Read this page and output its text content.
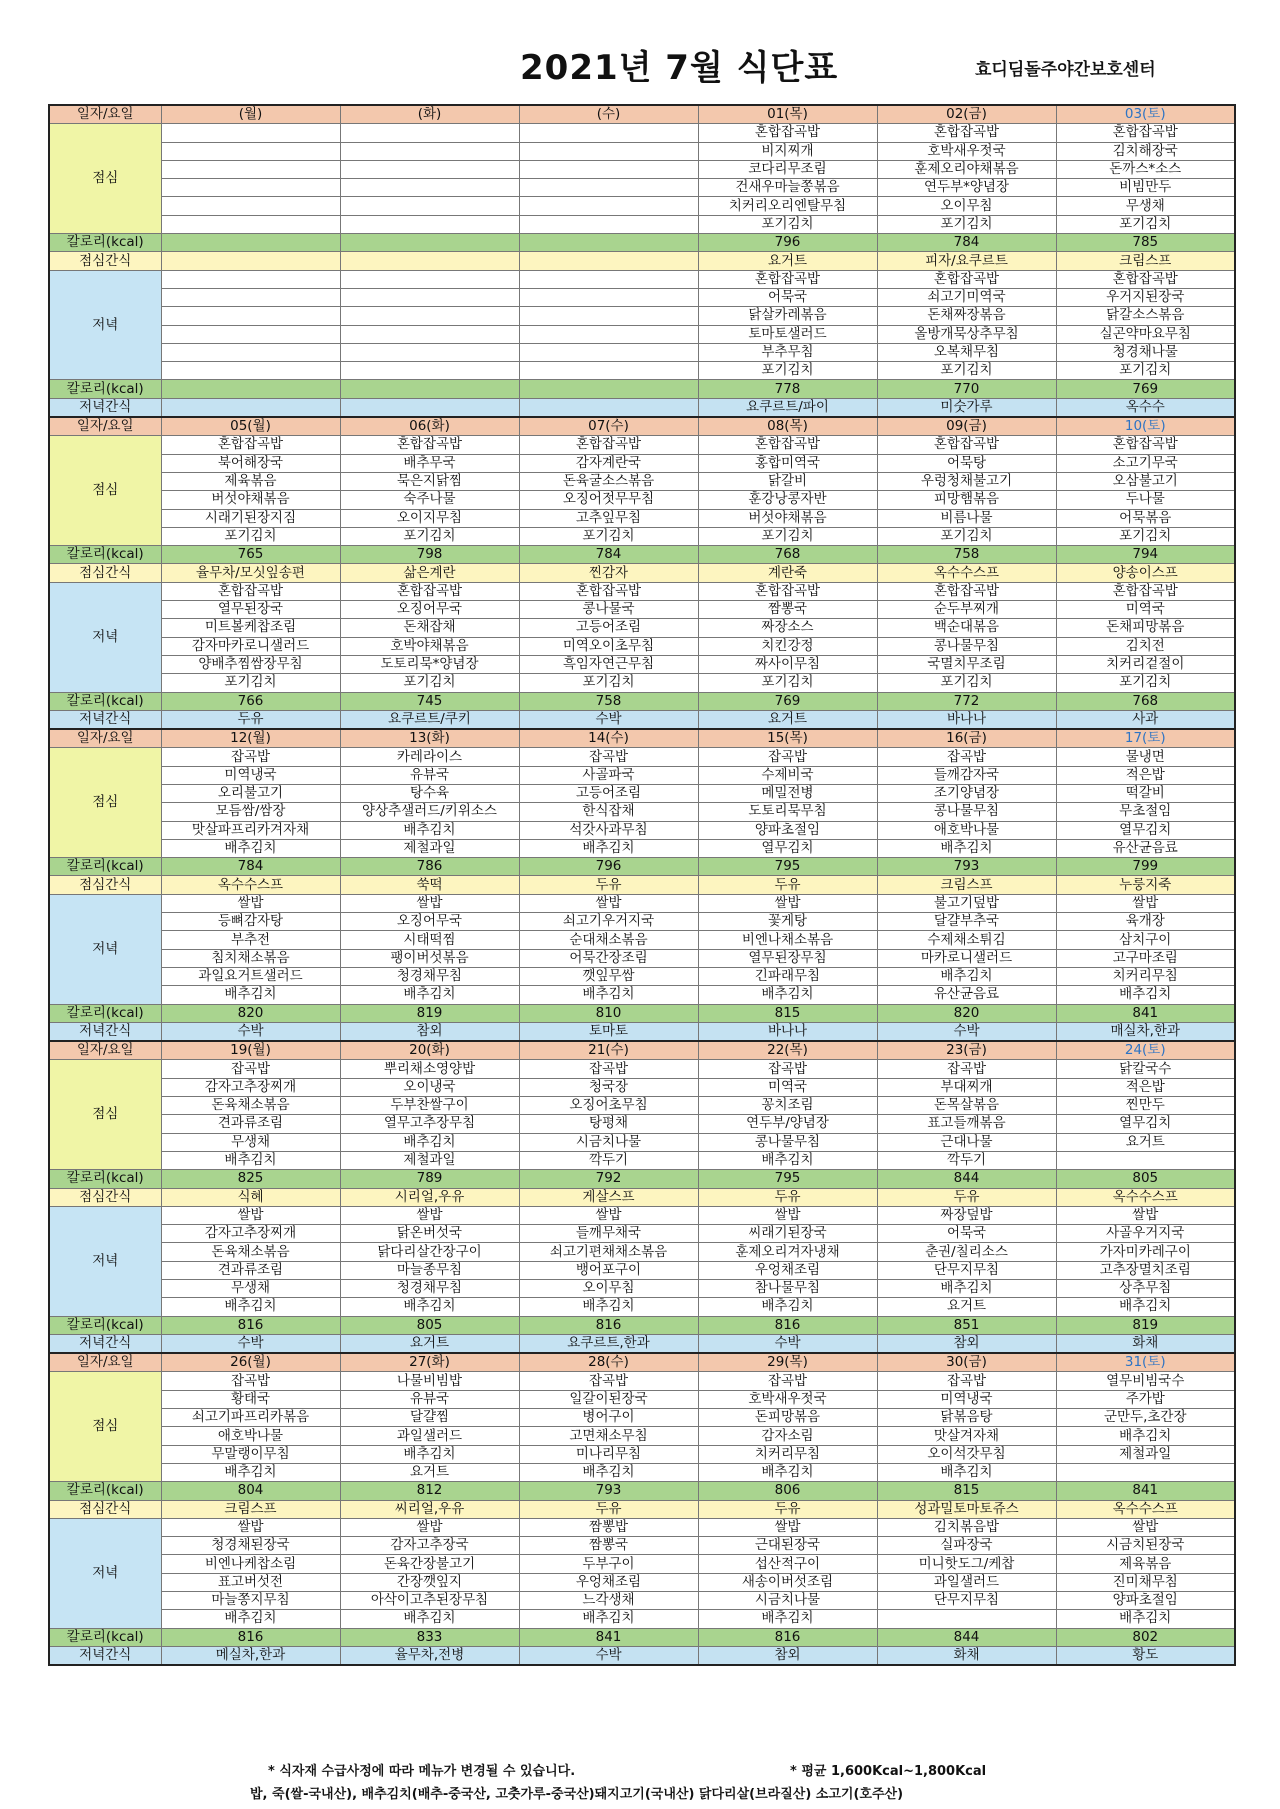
2021년 7월 식단표	효디딤돌주야간보호센터
일자/요일	(월)	(화)	(수)	01(목)	02(금)	03(토)
점심				혼합잡곡밥	혼합잡곡밥	혼합잡곡밥
				비지찌개	호박새우젓국	김치해장국
				코다리무조림	훈제오리야채볶음	돈까스*소스
				건새우마늘쫑볶음	연두부*양념장	비빔만두
				치커리오리엔탈무침	오이무침	무생채
				포기김치	포기김치	포기김치
칼로리(kcal)				796	784	785
점심간식				요거트	피자/요쿠르트	크림스프
저녁				혼합잡곡밥	혼합잡곡밥	혼합잡곡밥
				어묵국	쇠고기미역국	우거지된장국
				닭살카레볶음	돈채짜장볶음	닭갈소스볶음
				토마토샐러드	올방개묵상추무침	실곤약마요무침
				부추무침	오복채무침	청경채나물
				포기김치	포기김치	포기김치
칼로리(kcal)				778	770	769
저녁간식				요쿠르트/파이	미숫가루	옥수수
일자/요일	05(월)	06(화)	07(수)	08(목)	09(금)	10(토)
점심	혼합잡곡밥	혼합잡곡밥	혼합잡곡밥	혼합잡곡밥	혼합잡곡밥	혼합잡곡밥
	북어해장국	배추무국	감자계란국	홍합미역국	어묵탕	소고기무국
	제육볶음	묵은지닭찜	돈육굴소스볶음	닭갈비	우렁청채불고기	오삼불고기
	버섯야채볶음	숙주나물	오징어젓무무침	훈강낭콩자반	피망햄볶음	두나물
	시래기된장지짐	오이지무침	고추잎무침	버섯야채볶음	비름나물	어묵볶음
	포기김치	포기김치	포기김치	포기김치	포기김치	포기김치
칼로리(kcal)	765	798	784	768	758	794
점심간식	율무차/모싯잎송편	삶은계란	찐감자	계란죽	옥수수스프	양송이스프
저녁	혼합잡곡밥	혼합잡곡밥	혼합잡곡밥	혼합잡곡밥	혼합잡곡밥	혼합잡곡밥
	열무된장국	오징어무국	콩나물국	짬뽕국	순두부찌개	미역국
	미트볼케찹조림	돈채잡채	고등어조림	짜장소스	백순대볶음	돈채피망볶음
	감자마카로니샐러드	호박야채볶음	미역오이초무침	치킨강정	콩나물무침	김치전
	양배추찜쌈장무침	도토리묵*양념장	흑임자연근무침	짜사이무침	국멸치무조림	치커리겉절이
	포기김치	포기김치	포기김치	포기김치	포기김치	포기김치
칼로리(kcal)	766	745	758	769	772	768
저녁간식	두유	요쿠르트/쿠키	수박	요거트	바나나	사과
일자/요일	12(월)	13(화)	14(수)	15(목)	16(금)	17(토)
점심	잡곡밥	카레라이스	잡곡밥	잡곡밥	잡곡밥	물냉면
	미역냉국	유뷰국	사골파국	수제비국	들깨감자국	적은밥
	오리불고기	탕수육	고등어조림	메밀전병	조기양념장	떡갈비
	모듬쌈/쌈장	양상추샐러드/키위소스	한식잡채	도토리묵무침	콩나물무침	무초절임
	맛살파프리카겨자채	배추김치	석갓사과무침	양파초절임	애호박나물	열무김치
	배추김치	제철과일	배추김치	열무김치	배추김치	유산균음료
칼로리(kcal)	784	786	796	795	793	799
점심간식	옥수수스프	쑥떡	두유	두유	크림스프	누룽지죽
저녁	쌀밥	쌀밥	쌀밥	쌀밥	불고기덮밥	쌀밥
	등뼈감자탕	오징어무국	쇠고기우거지국	꽃게탕	달걀부추국	육개장
	부추전	시태떡찜	순대채소볶음	비엔나채소볶음	수제채소튀김	삼치구이
	침치채소볶음	팽이버섯볶음	어묵간장조림	열무된장무침	마카로니샐러드	고구마조림
	과일요거트샐러드	청경채무침	깻잎무쌈	긴파래무침	배추김치	치커리무침
	배추김치	배추김치	배추김치	배추김치	유산균음료	배추김치
칼로리(kcal)	820	819	810	815	820	841
저녁간식	수박	참외	토마토	바나나	수박	매실차,한과
일자/요일	19(월)	20(화)	21(수)	22(목)	23(금)	24(토)
점심	잡곡밥	뿌리채소영양밥	잡곡밥	잡곡밥	잡곡밥	닭칼국수
	감자고추장찌개	오이냉국	청국장	미역국	부대찌개	적은밥
	돈육채소볶음	두부찬쌀구이	오징어초무침	꽁치조림	돈목살볶음	찐만두
	견과류조림	열무고추장무침	탕평채	연두부/양념장	표고들깨볶음	열무김치
	무생채	배추김치	시금치나물	콩나물무침	근대나물	요거트
	배추김치	제철과일	깍두기	배추김치	깍두기	
칼로리(kcal)	825	789	792	795	844	805
점심간식	식혜	시리얼,우유	게살스프	두유	두유	옥수수스프
저녁	쌀밥	쌀밥	쌀밥	쌀밥	짜장덮밥	쌀밥
	감자고추장찌개	닭온버섯국	들깨무채국	씨래기된장국	어묵국	사골우거지국
	돈육채소볶음	닭다리살간장구이	쇠고기편채채소볶음	훈제오리겨자냉채	춘권/칠리소스	가자미카레구이
	견과류조림	마늘종무침	뱅어포구이	우엉채조림	단무지무침	고추장멸치조림
	무생채	청경채무침	오이무침	참나물무침	배추김치	상추무침
	배추김치	배추김치	배추김치	배추김치	요거트	배추김치
칼로리(kcal)	816	805	816	816	851	819
저녁간식	수박	요거트	요쿠르트,한과	수박	참외	화채
일자/요일	26(월)	27(화)	28(수)	29(목)	30(금)	31(토)
점심	잡곡밥	나물비빔밥	잡곡밥	잡곡밥	잡곡밥	열무비빔국수
	황태국	유뷰국	일갈이된장국	호박새우젓국	미역냉국	주가밥
	쇠고기파프리카볶음	달걀찜	병어구이	돈피망볶음	닭볶음탕	군만두,초간장
	애호박나물	과일샐러드	고면채소무침	감자소림	맛살겨자채	배추김치
	무말랭이무침	배추김치	미나리무침	치커리무침	오이석갓무침	제철과일
	배추김치	요거트	배추김치	배추김치	배추김치	
칼로리(kcal)	804	812	793	806	815	841
점심간식	크림스프	씨리얼,우유	두유	두유	성과밀토마토쥬스	옥수수스프
저녁	쌀밥	쌀밥	짬뽕밥	쌀밥	김치볶음밥	쌀밥
	청경채된장국	감자고추장국	짬뽕국	근대된장국	실파장국	시금치된장국
	비엔나케찹소림	돈육간장불고기	두부구이	섭산적구이	미니핫도그/케찹	제육볶음
	표고버섯전	간장깻잎지	우엉채조림	새송이버섯조림	과일샐러드	진미채무침
	마늘쫑지무침	아삭이고추된장무침	느각생채	시금치나물	단무지무침	양파초절임
	배추김치	배추김치	배추김치	배추김치		배추김치
칼로리(kcal)	816	833	841	816	844	802
저녁간식	메실차,한과	율무차,전병	수박	참외	화채	황도
* 식자재 수급사정에 따라 메뉴가 변경될 수 있습니다.	* 평균 1,600Kcal~1,800Kcal
밥, 죽(쌀-국내산), 배추김치(배추-중국산, 고춧가루-중국산)돼지고기(국내산) 닭다리살(브라질산) 소고기(호주산)
